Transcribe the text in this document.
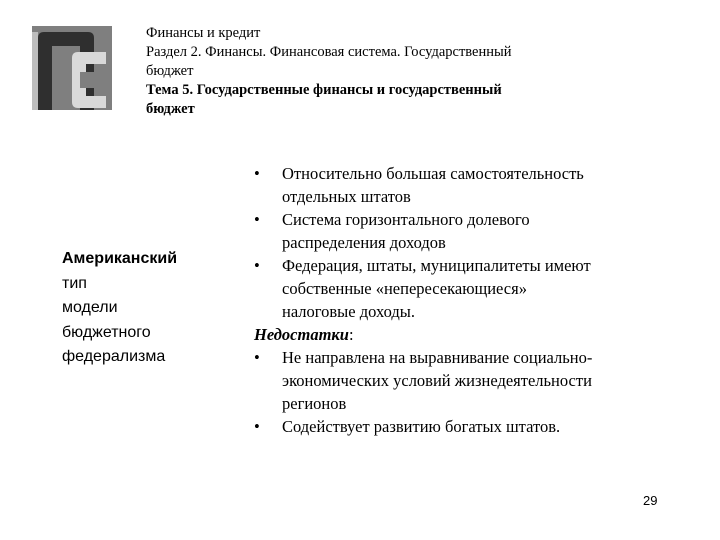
Финансы и кредит
Раздел 2. Финансы. Финансовая система. Государственный
бюджет
Тема 5. Государственные финансы и государственный
бюджет
Американский
тип
модели
бюджетного
федерализма
• Относительно большая самостоятельность
отдельных штатов
• Система горизонтального долевого
распределения доходов
• Федерация, штаты, муниципалитеты имеют
собственные «непересекающиеся»
налоговые доходы.
Недостатки:
• Не направлена на выравнивание социально-
экономических условий жизнедеятельности
регионов
• Содействует развитию богатых штатов.
29
